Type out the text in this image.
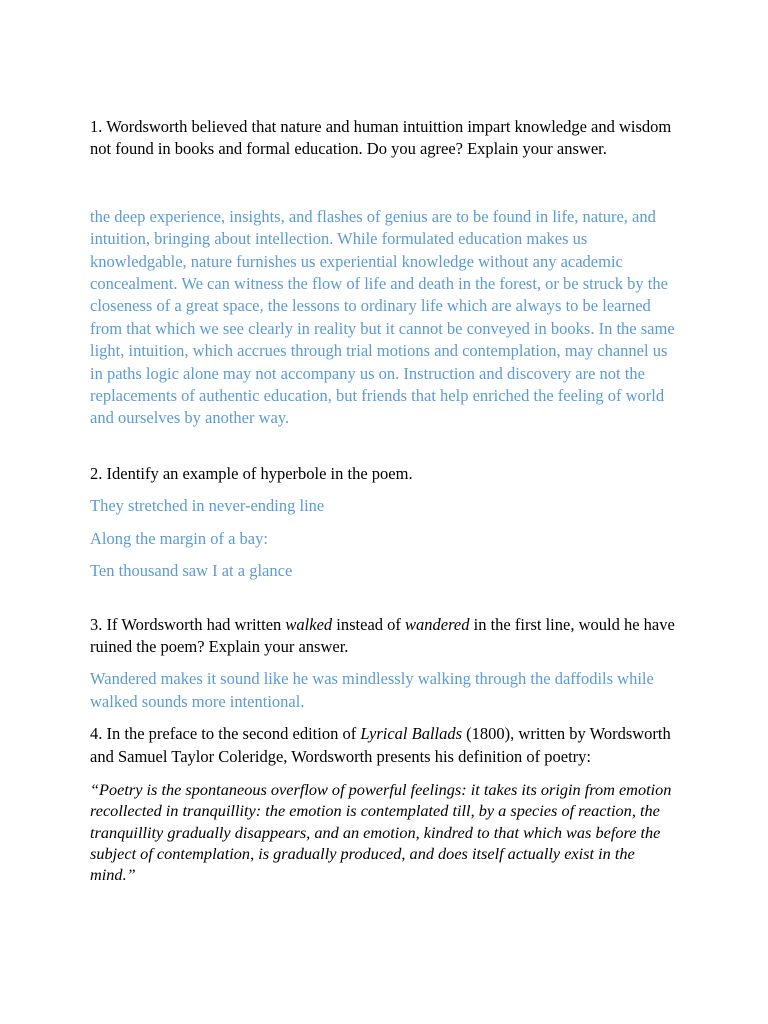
1. Wordsworth believed that nature and human intuittion impart knowledge and wisdom not found in books and formal education. Do you agree? Explain your answer.

the deep experience, insights, and flashes of genius are to be found in life, nature, and intuition, bringing about intellection. While formulated education makes us knowledgable, nature furnishes us experiential knowledge without any academic concealment. We can witness the flow of life and death in the forest, or be struck by the closeness of a great space, the lessons to ordinary life which are always to be learned from that which we see clearly in reality but it cannot be conveyed in books. In the same light, intuition, which accrues through trial motions and contemplation, may channel us in paths logic alone may not accompany us on. Instruction and discovery are not the replacements of authentic education, but friends that help enriched the feeling of world and ourselves by another way.

2. Identify an example of hyperbole in the poem.

They stretched in never-ending line

Along the margin of a bay:

Ten thousand saw I at a glance

3. If Wordsworth had written walked instead of wandered in the first line, would he have ruined the poem? Explain your answer.

Wandered makes it sound like he was mindlessly walking through the daffodils while walked sounds more intentional.

4. In the preface to the second edition of Lyrical Ballads (1800), written by Wordsworth and Samuel Taylor Coleridge, Wordsworth presents his definition of poetry:

“Poetry is the spontaneous overflow of powerful feelings: it takes its origin from emotion recollected in tranquillity: the emotion is contemplated till, by a species of reaction, the tranquillity gradually disappears, and an emotion, kindred to that which was before the subject of contemplation, is gradually produced, and does itself actually exist in the mind.”
